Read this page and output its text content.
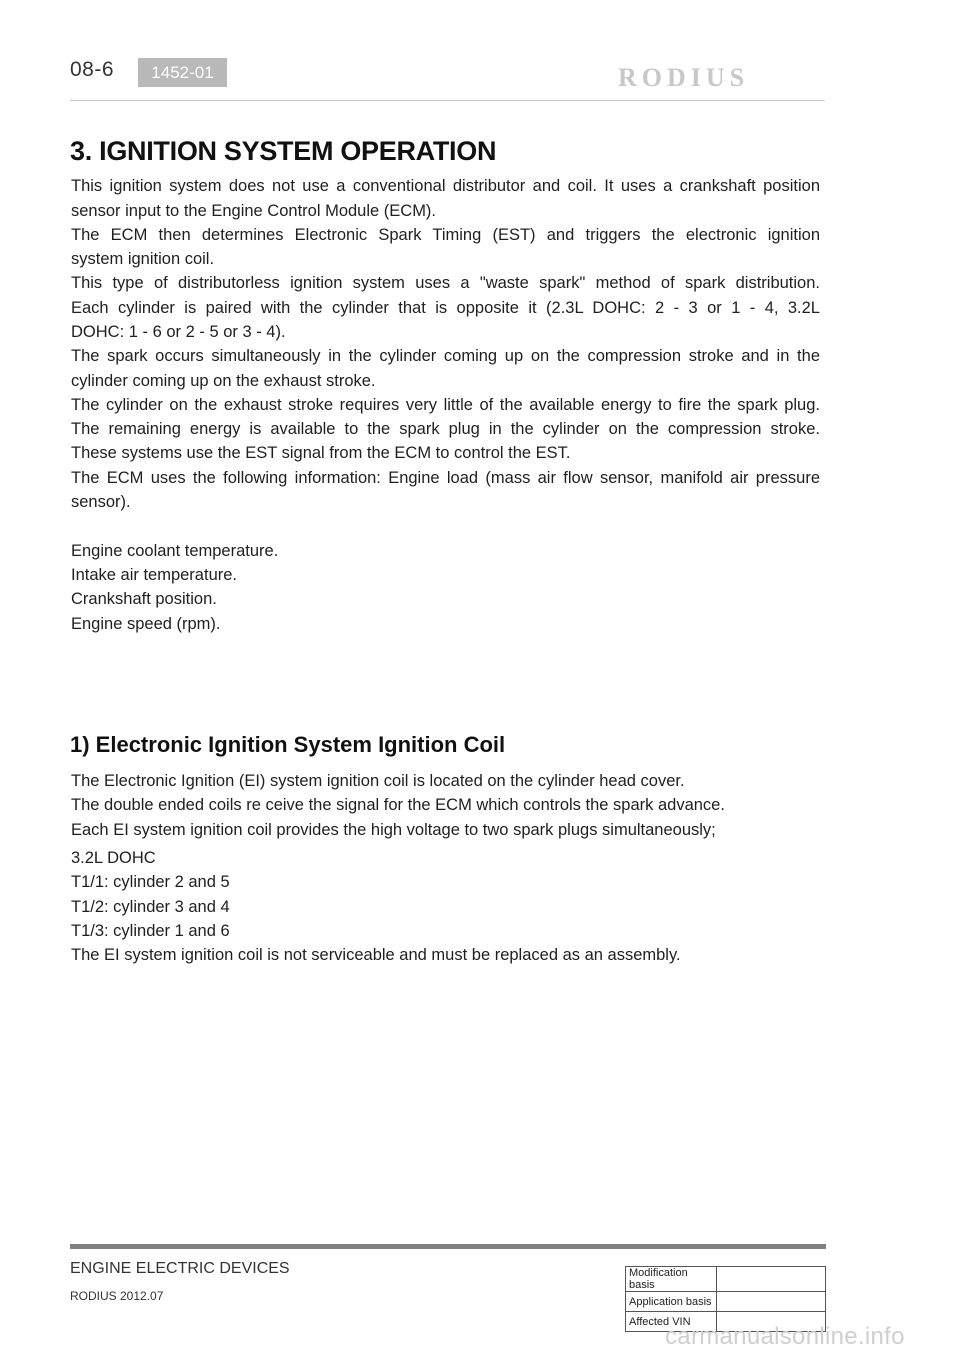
08-6	1452-01	RODIUS
3. IGNITION SYSTEM OPERATION
This ignition system does not use a conventional distributor and coil. It uses a crankshaft position
sensor input to the Engine Control Module (ECM).
The ECM then determines Electronic Spark Timing (EST) and triggers the electronic ignition
system ignition coil.
This type of distributorless ignition system uses a "waste spark" method of spark distribution.
Each cylinder is paired with the cylinder that is opposite it (2.3L DOHC: 2 - 3 or 1 - 4, 3.2L
DOHC: 1 - 6 or 2 - 5 or 3 - 4).
The spark occurs simultaneously in the cylinder coming up on the compression stroke and in the
cylinder coming up on the exhaust stroke.
The cylinder on the exhaust stroke requires very little of the available energy to fire the spark plug.
The remaining energy is available to the spark plug in the cylinder on the compression stroke.
These systems use the EST signal from the ECM to control the EST.
The ECM uses the following information: Engine load (mass air flow sensor, manifold air pressure
sensor).
Engine coolant temperature.
Intake air temperature.
Crankshaft position.
Engine speed (rpm).
1) Electronic Ignition System Ignition Coil
The Electronic Ignition (EI) system ignition coil is located on the cylinder head cover.
The double ended coils re ceive the signal for the ECM which controls the spark advance.
Each EI system ignition coil provides the high voltage to two spark plugs simultaneously;
3.2L DOHC
T1/1: cylinder 2 and 5
T1/2: cylinder 3 and 4
T1/3: cylinder 1 and 6
The EI system ignition coil is not serviceable and must be replaced as an assembly.
ENGINE ELECTRIC DEVICES
RODIUS 2012.07
Modification basis	
Application basis	
Affected VIN	
carmanualsonline.info
